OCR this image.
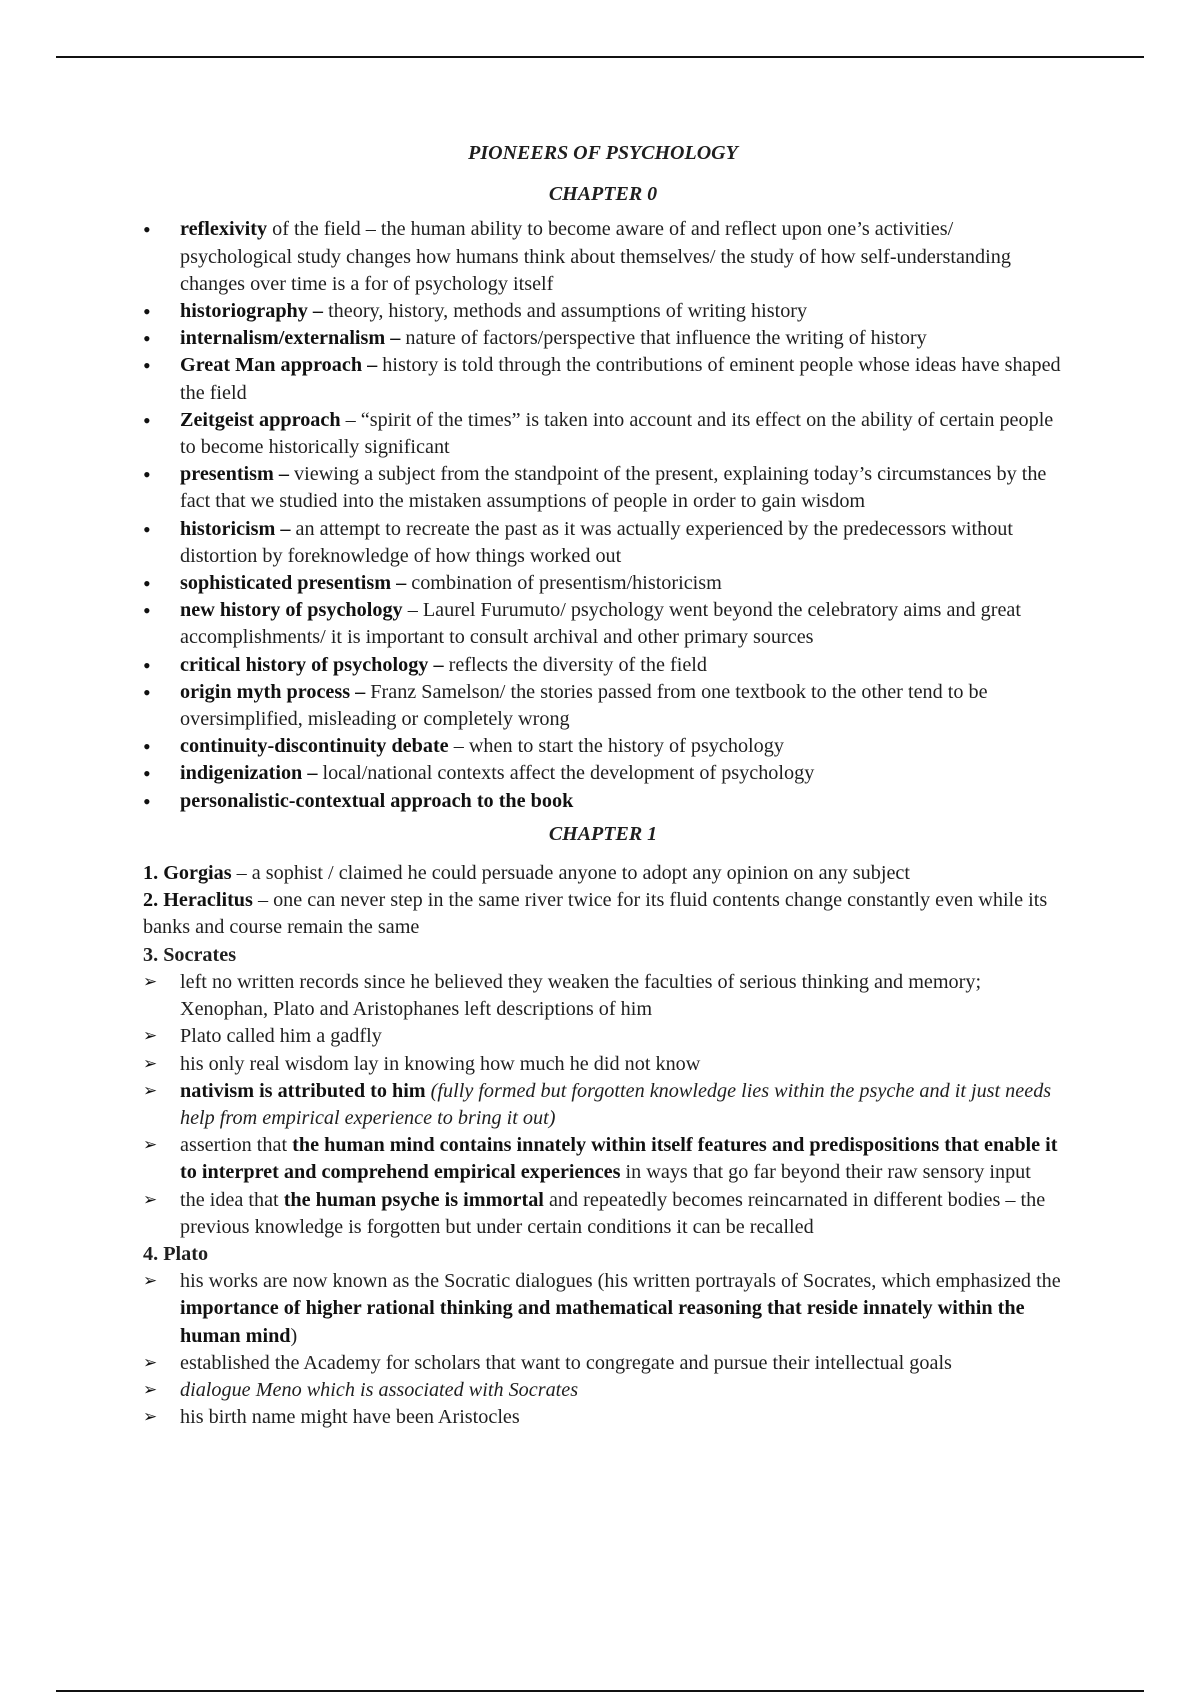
PIONEERS OF PSYCHOLOGY

CHAPTER 0

• reflexivity of the field – the human ability to become aware of and reflect upon one’s activities/ psychological study changes how humans think about themselves/ the study of how self-understanding changes over time is a for of psychology itself
• historiography – theory, history, methods and assumptions of writing history
• internalism/externalism – nature of factors/perspective that influence the writing of history
• Great Man approach – history is told through the contributions of eminent people whose ideas have shaped the field
• Zeitgeist approach – “spirit of the times” is taken into account and its effect on the ability of certain people to become historically significant
• presentism – viewing a subject from the standpoint of the present, explaining today’s circumstances by the fact that we studied into the mistaken assumptions of people in order to gain wisdom
• historicism – an attempt to recreate the past as it was actually experienced by the predecessors without distortion by foreknowledge of how things worked out
• sophisticated presentism – combination of presentism/historicism
• new history of psychology – Laurel Furumuto/ psychology went beyond the celebratory aims and great accomplishments/ it is important to consult archival and other primary sources
• critical history of psychology – reflects the diversity of the field
• origin myth process – Franz Samelson/ the stories passed from one textbook to the other tend to be oversimplified, misleading or completely wrong
• continuity-discontinuity debate – when to start the history of psychology
• indigenization – local/national contexts affect the development of psychology
• personalistic-contextual approach to the book

CHAPTER 1

1. Gorgias – a sophist / claimed he could persuade anyone to adopt any opinion on any subject

2. Heraclitus – one can never step in the same river twice for its fluid contents change constantly even while its banks and course remain the same

3. Socrates

➢ left no written records since he believed they weaken the faculties of serious thinking and memory; Xenophan, Plato and Aristophanes left descriptions of him
➢ Plato called him a gadfly
➢ his only real wisdom lay in knowing how much he did not know
➢ nativism is attributed to him (fully formed but forgotten knowledge lies within the psyche and it just needs help from empirical experience to bring it out)
➢ assertion that the human mind contains innately within itself features and predispositions that enable it to interpret and comprehend empirical experiences in ways that go far beyond their raw sensory input
➢ the idea that the human psyche is immortal and repeatedly becomes reincarnated in different bodies – the previous knowledge is forgotten but under certain conditions it can be recalled

4. Plato

➢ his works are now known as the Socratic dialogues (his written portrayals of Socrates, which emphasized the importance of higher rational thinking and mathematical reasoning that reside innately within the human mind)
➢ established the Academy for scholars that want to congregate and pursue their intellectual goals
➢ dialogue Meno which is associated with Socrates
➢ his birth name might have been Aristocles
